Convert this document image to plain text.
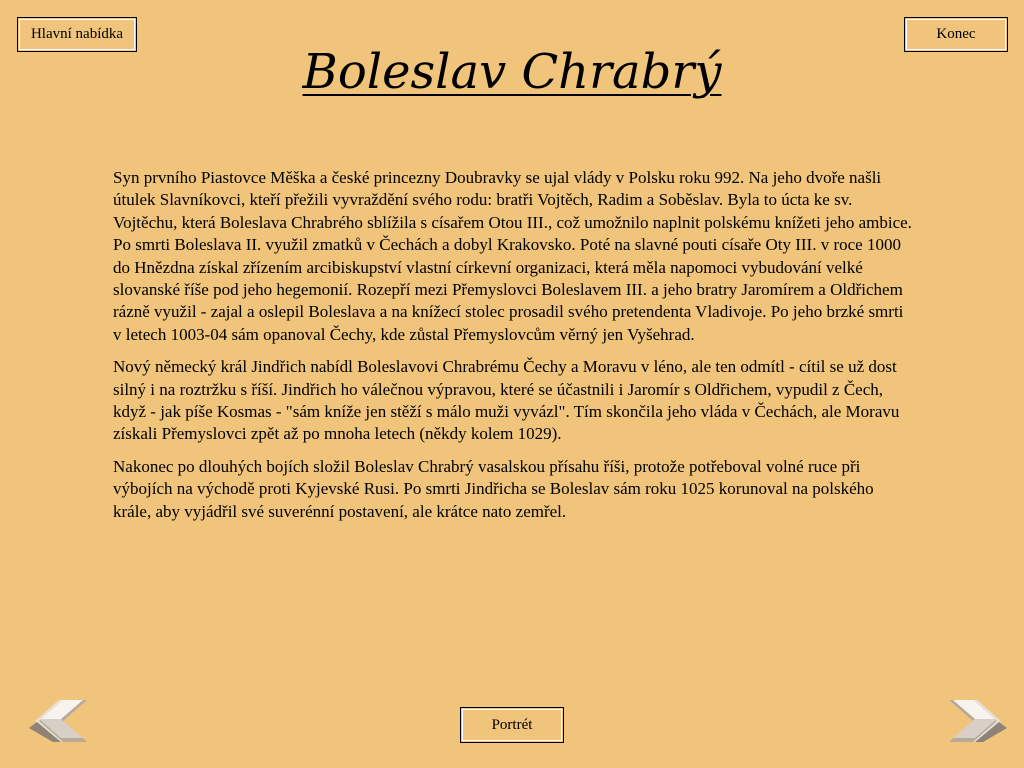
Hlavní nabídka	Konec
Boleslav Chrabrý

Syn prvního Piastovce Měška a české princezny Doubravky se ujal vlády v Polsku roku 992. Na jeho dvoře našli útulek Slavníkovci, kteří přežili vyvraždění svého rodu: bratři Vojtěch, Radim a Soběslav. Byla to úcta ke sv. Vojtěchu, která Boleslava Chrabrého sblížila s císařem Otou III., což umožnilo naplnit polskému knížeti jeho ambice. Po smrti Boleslava II. využil zmatků v Čechách a dobyl Krakovsko. Poté na slavné pouti císaře Oty III. v roce 1000 do Hnězdna získal zřízením arcibiskupství vlastní církevní organizaci, která měla napomoci vybudování velké slovanské říše pod jeho hegemonií. Rozepří mezi Přemyslovci Boleslavem III. a jeho bratry Jaromírem a Oldřichem rázně využil - zajal a oslepil Boleslava a na knížecí stolec prosadil svého pretendenta Vladivoje. Po jeho brzké smrti v letech 1003-04 sám opanoval Čechy, kde zůstal Přemyslovcům věrný jen Vyšehrad.

Nový německý král Jindřich nabídl Boleslavovi Chrabrému Čechy a Moravu v léno, ale ten odmítl - cítil se už dost silný i na roztržku s říší. Jindřich ho válečnou výpravou, které se účastnili i Jaromír s Oldřichem, vypudil z Čech, když - jak píše Kosmas - "sám kníže jen stěží s málo muži vyvázl". Tím skončila jeho vláda v Čechách, ale Moravu získali Přemyslovci zpět až po mnoha letech (někdy kolem 1029).

Nakonec po dlouhých bojích složil Boleslav Chrabrý vasalskou přísahu říši, protože potřeboval volné ruce při výbojích na východě proti Kyjevské Rusi. Po smrti Jindřicha se Boleslav sám roku 1025 korunoval na polského krále, aby vyjádřil své suverénní postavení, ale krátce nato zemřel.

Portrét
